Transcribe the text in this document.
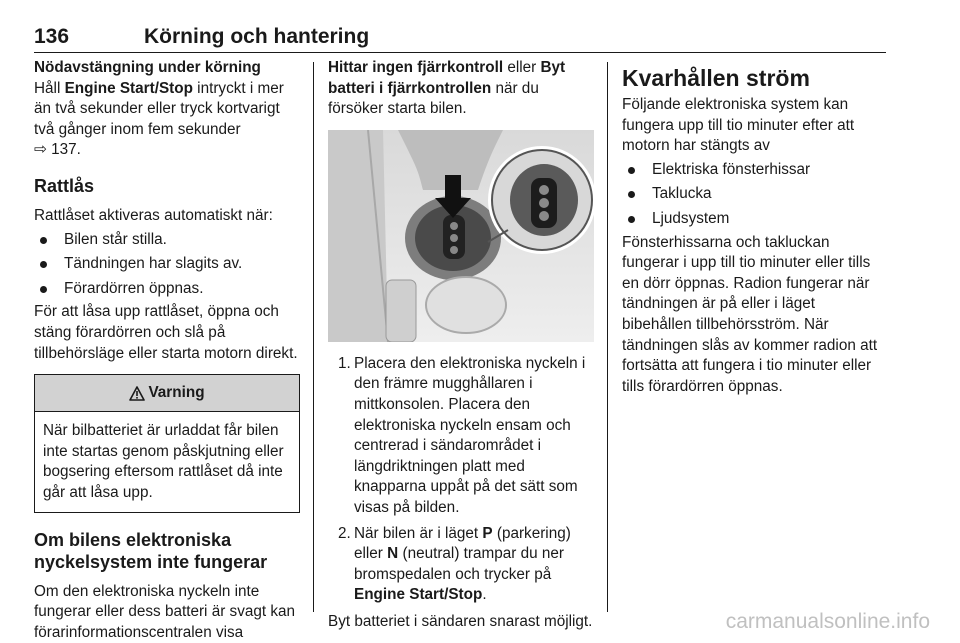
136	Körning och hantering

Nödavstängning under körning

Håll Engine Start/Stop intryckt i mer än två sekunder eller tryck kortvarigt två gånger inom fem sekunder
⇨ 137.

Rattlås

Rattlåset aktiveras automatiskt när:

Bilen står stilla.
Tändningen har slagits av.
Förardörren öppnas.

För att låsa upp rattlåset, öppna och stäng förardörren och slå på tillbehörsläge eller starta motorn direkt.

Varning
När bilbatteriet är urladdat får bilen inte startas genom påskjutning eller bogsering eftersom rattlåset då inte går att låsa upp.

Om bilens elektroniska nyckelsystem inte fungerar

Om den elektroniska nyckeln inte fungerar eller dess batteri är svagt kan förarinformationscentralen visa

Hittar ingen fjärrkontroll eller Byt batteri i fjärrkontrollen när du försöker starta bilen.

1. Placera den elektroniska nyckeln i den främre mugghållaren i mittkonsolen. Placera den elektroniska nyckeln ensam och centrerad i sändarområdet i längdriktningen platt med knapparna uppåt på det sätt som visas på bilden.
2. När bilen är i läget P (parkering) eller N (neutral) trampar du ner bromspedalen och trycker på Engine Start/Stop.

Byt batteriet i sändaren snarast möjligt.

Kvarhållen ström

Följande elektroniska system kan fungera upp till tio minuter efter att motorn har stängts av

Elektriska fönsterhissar
Taklucka
Ljudsystem

Fönsterhissarna och takluckan fungerar i upp till tio minuter eller tills en dörr öppnas. Radion fungerar när tändningen är på eller i läget bibehållen tillbehörsström. När tändningen slås av kommer radion att fortsätta att fungera i tio minuter eller tills förardörren öppnas.

carmanualsonline.info
